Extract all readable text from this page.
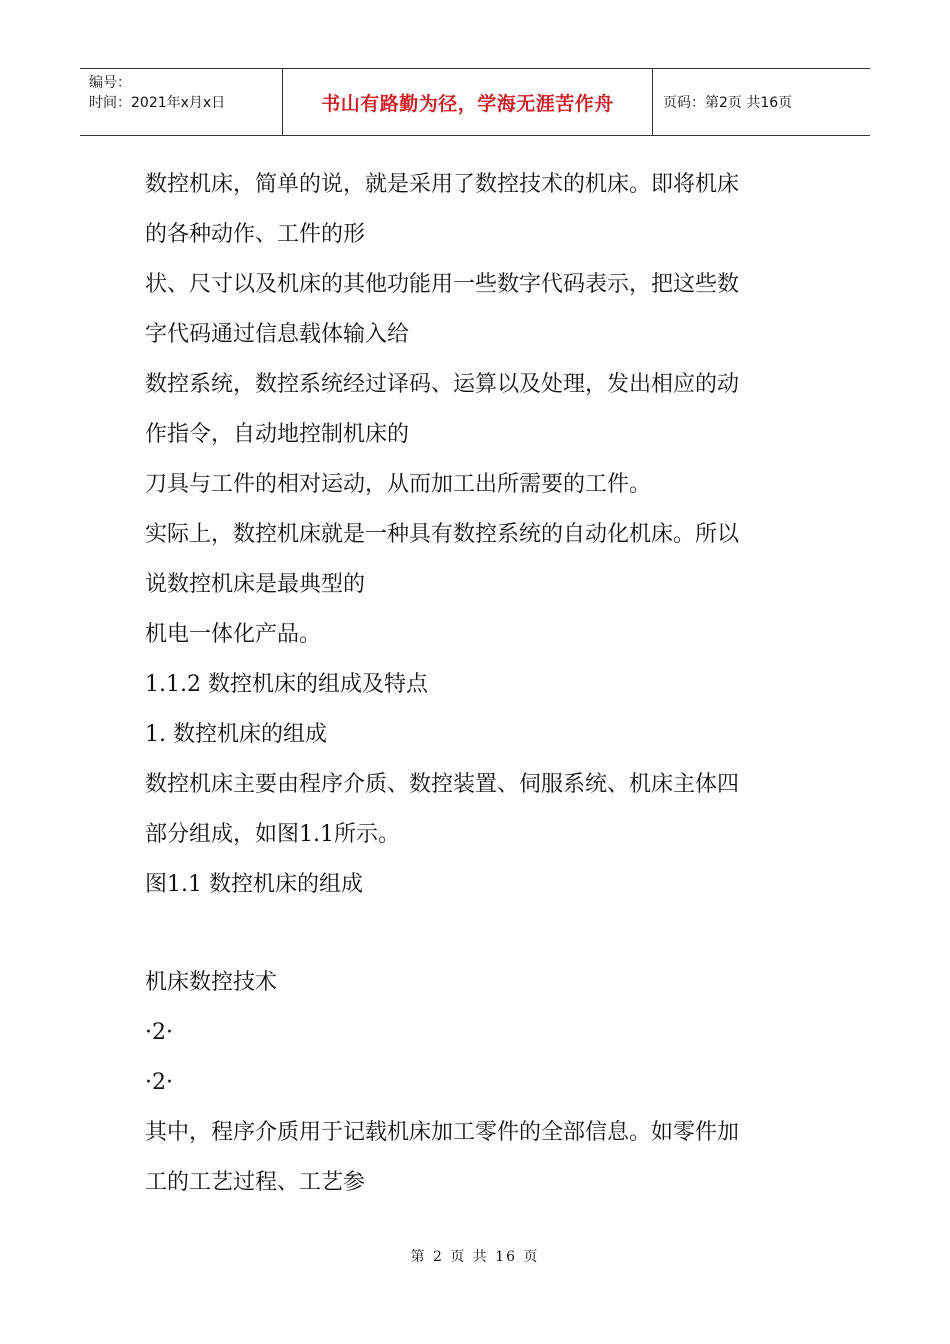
编号：
时间：2021年x月x日	书山有路勤为径，学海无涯苦作舟	页码：第2页 共16页
数控机床，简单的说，就是采用了数控技术的机床。即将机床
的各种动作、工件的形
状、尺寸以及机床的其他功能用一些数字代码表示，把这些数
字代码通过信息载体输入给
数控系统，数控系统经过译码、运算以及处理，发出相应的动
作指令，自动地控制机床的
刀具与工件的相对运动，从而加工出所需要的工件。
实际上，数控机床就是一种具有数控系统的自动化机床。所以
说数控机床是最典型的
机电一体化产品。
1.1.2 数控机床的组成及特点
1. 数控机床的组成
数控机床主要由程序介质、数控装置、伺服系统、机床主体四
部分组成，如图1.1所示。
图1.1 数控机床的组成
机床数控技术
·2·
·2·
其中，程序介质用于记载机床加工零件的全部信息。如零件加
工的工艺过程、工艺参
第 2 页 共 16 页
